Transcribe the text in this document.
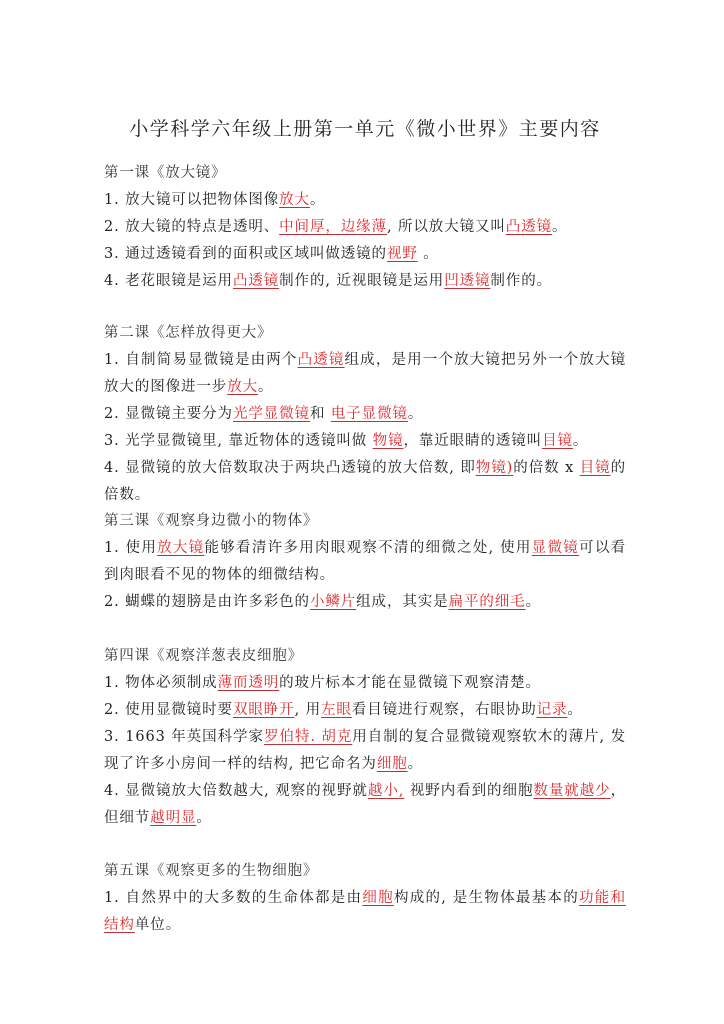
小学科学六年级上册第一单元《微小世界》主要内容
第一课《放大镜》
1. 放大镜可以把物体图像放大。
2. 放大镜的特点是透明、中间厚，边缘薄, 所以放大镜又叫凸透镜。
3. 通过透镜看到的面积或区域叫做透镜的视野 。
4. 老花眼镜是运用凸透镜制作的, 近视眼镜是运用凹透镜制作的。
第二课《怎样放得更大》
1. 自制简易显微镜是由两个凸透镜组成，是用一个放大镜把另外一个放大镜放大的图像进一步放大。
2. 显微镜主要分为光学显微镜和 电子显微镜。
3. 光学显微镜里, 靠近物体的透镜叫做 物镜，靠近眼睛的透镜叫目镜。
4. 显微镜的放大倍数取决于两块凸透镜的放大倍数, 即物镜)的倍数 x 目镜的倍数。
第三课《观察身边微小的物体》
1. 使用放大镜能够看清许多用肉眼观察不清的细微之处, 使用显微镜可以看到肉眼看不见的物体的细微结构。
2. 蝴蝶的翅膀是由许多彩色的小鳞片组成，其实是扁平的细毛。
第四课《观察洋葱表皮细胞》
1. 物体必须制成薄而透明的玻片标本才能在显微镜下观察清楚。
2. 使用显微镜时要双眼睁开, 用左眼看目镜进行观察，右眼协助记录。
3. 1663 年英国科学家罗伯特. 胡克用自制的复合显微镜观察软木的薄片, 发现了许多小房间一样的结构, 把它命名为细胞。
4. 显微镜放大倍数越大, 观察的视野就越小, 视野内看到的细胞数量就越少，但细节越明显。
第五课《观察更多的生物细胞》
1. 自然界中的大多数的生命体都是由细胞构成的, 是生物体最基本的功能和结构单位。
